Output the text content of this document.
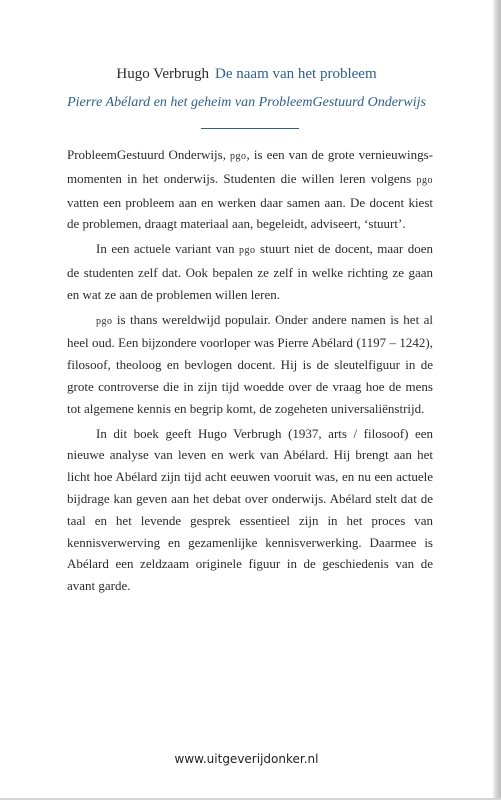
Hugo Verbrugh De naam van het probleem
Pierre Abélard en het geheim van ProbleemGestuurd Onderwijs

ProbleemGestuurd Onderwijs, pgo, is een van de grote vernieuwings-momenten in het onderwijs. Studenten die willen leren volgens pgo vatten een probleem aan en werken daar samen aan. De docent kiest de problemen, draagt materiaal aan, begeleidt, adviseert, ‘stuurt’.

In een actuele variant van pgo stuurt niet de docent, maar doen de studenten zelf dat. Ook bepalen ze zelf in welke richting ze gaan en wat ze aan de problemen willen leren.

pgo is thans wereldwijd populair. Onder andere namen is het al heel oud. Een bijzondere voorloper was Pierre Abélard (1197 – 1242), filosoof, theoloog en bevlogen docent. Hij is de sleutelfiguur in de grote controverse die in zijn tijd woedde over de vraag hoe de mens tot algemene kennis en begrip komt, de zogeheten universaliënstrijd.

In dit boek geeft Hugo Verbrugh (1937, arts / filosoof) een nieuwe analyse van leven en werk van Abélard. Hij brengt aan het licht hoe Abélard zijn tijd acht eeuwen vooruit was, en nu een actuele bijdrage kan geven aan het debat over onderwijs. Abélard stelt dat de taal en het levende gesprek essentieel zijn in het proces van kennisverwerving en gezamenlijke kennisverwerking. Daarmee is Abélard een zeldzaam originele figuur in de geschiedenis van de avant garde.

www.uitgeverijdonker.nl
